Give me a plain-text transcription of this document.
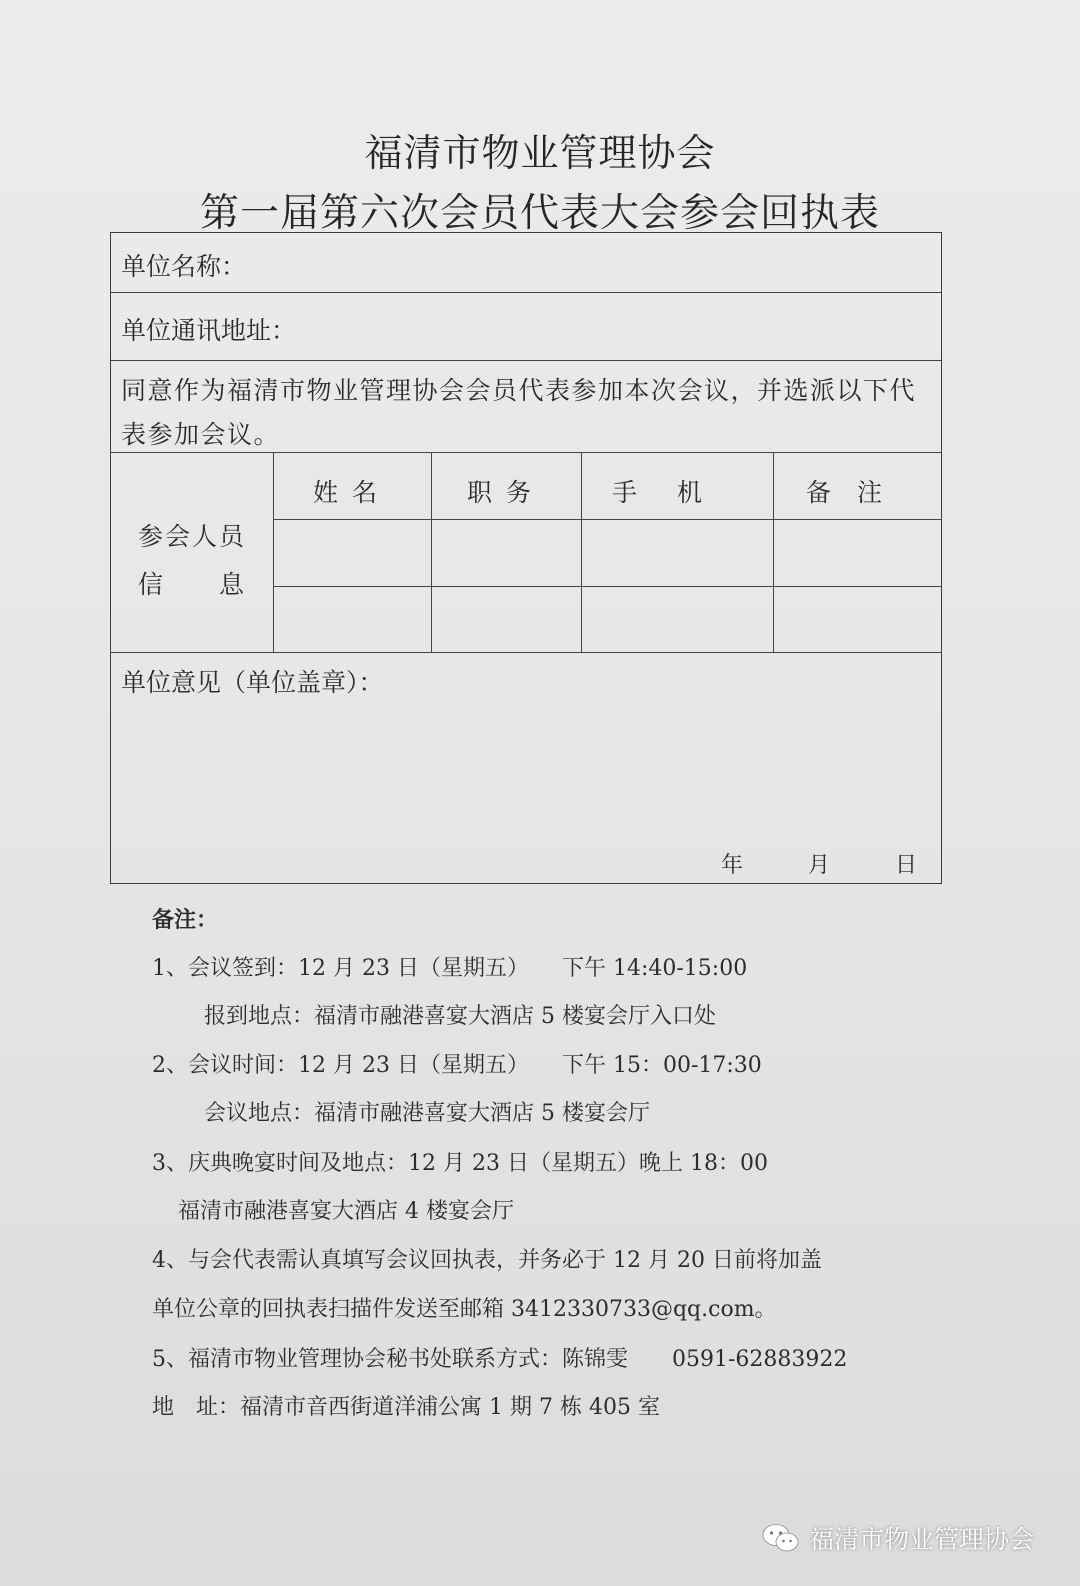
福清市物业管理协会
第一届第六次会员代表大会参会回执表
单位名称：
单位通讯地址：
同意作为福清市物业管理协会会员代表参加本次会议，并选派以下代表参加会议。
参会人员
信　　息
姓名	职务	手机	备注
单位意见（单位盖章）：
年 月 日
备注：
1、会议签到：12 月 23 日（星期五）　　下午 14:40-15:00
报到地点：福清市融港喜宴大酒店 5 楼宴会厅入口处
2、会议时间：12 月 23 日（星期五）　　下午 15：00-17:30
会议地点：福清市融港喜宴大酒店 5 楼宴会厅
3、庆典晚宴时间及地点：12 月 23 日（星期五）晚上 18：00
福清市融港喜宴大酒店 4 楼宴会厅
4、与会代表需认真填写会议回执表，并务必于 12 月 20 日前将加盖
单位公章的回执表扫描件发送至邮箱 3412330733@qq.com。
5、福清市物业管理协会秘书处联系方式：陈锦雯　　0591-62883922
地　址：福清市音西街道洋浦公寓 1 期 7 栋 405 室
福清市物业管理协会
